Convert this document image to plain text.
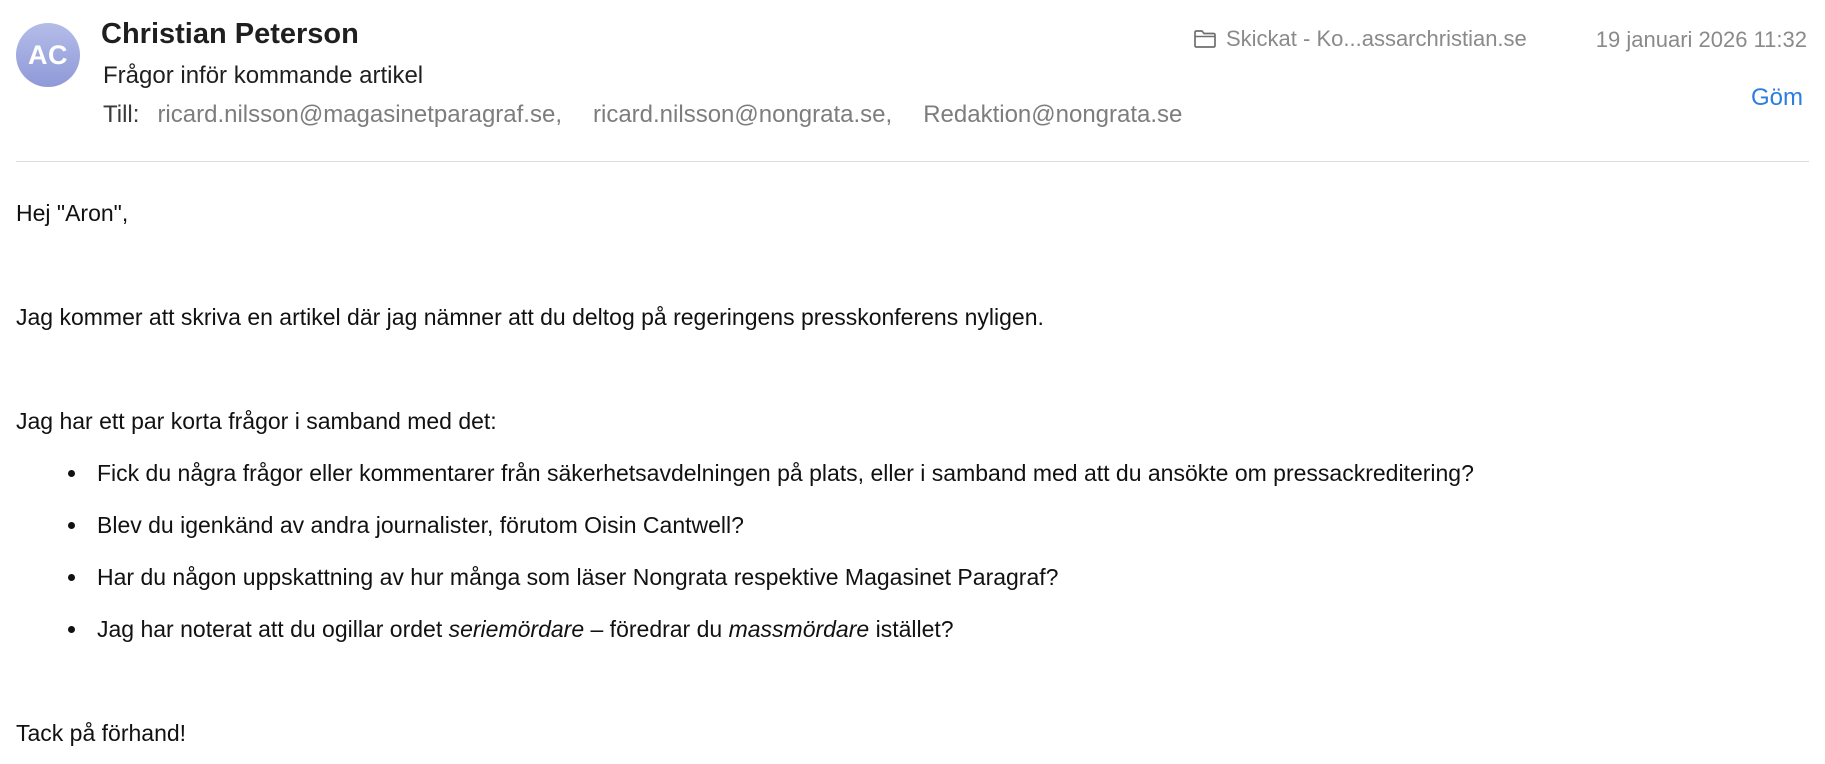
AC
Christian Peterson
Frågor inför kommande artikel
Till: ricard.nilsson@magasinetparagraf.se, ricard.nilsson@nongrata.se, Redaktion@nongrata.se
Skickat - Ko...assarchristian.se	19 januari 2026 11:32
Göm

Hej "Aron",

Jag kommer att skriva en artikel där jag nämner att du deltog på regeringens presskonferens nyligen.

Jag har ett par korta frågor i samband med det:

Fick du några frågor eller kommentarer från säkerhetsavdelningen på plats, eller i samband med att du ansökte om pressackreditering?
Blev du igenkänd av andra journalister, förutom Oisin Cantwell?
Har du någon uppskattning av hur många som läser Nongrata respektive Magasinet Paragraf?
Jag har noterat att du ogillar ordet seriemördare – föredrar du massmördare istället?

Tack på förhand!
